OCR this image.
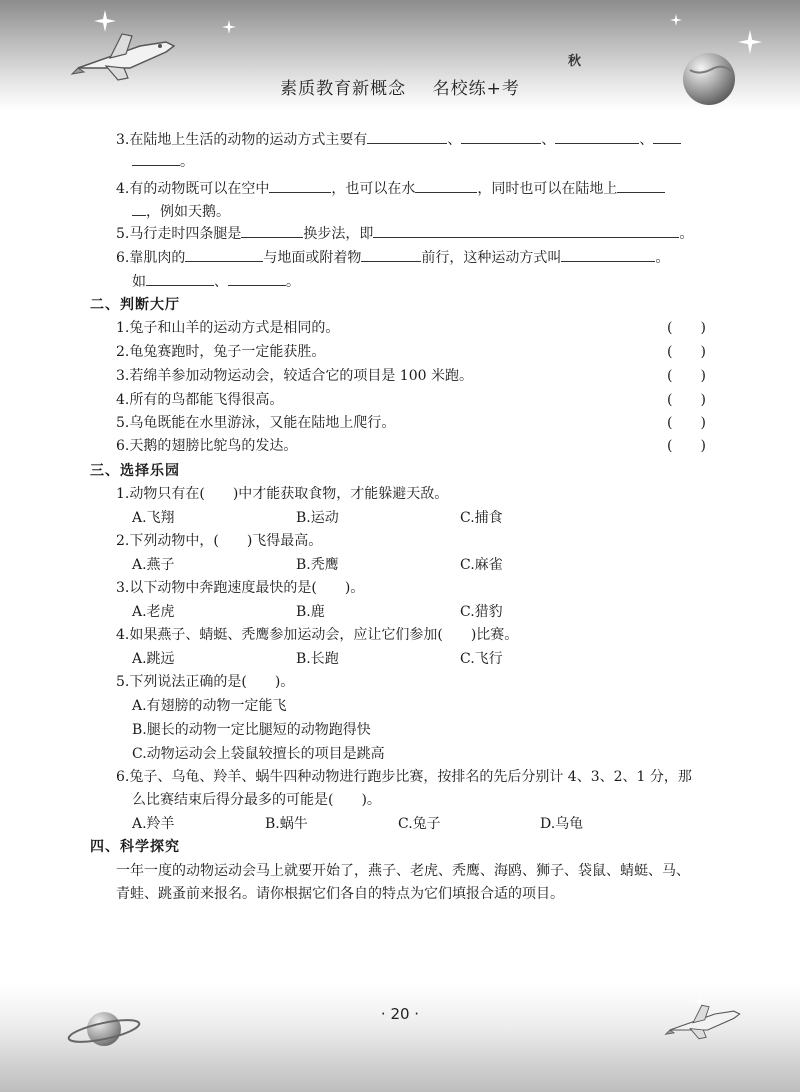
秋
素质教育新概念 名校练+考
3.在陆地上生活的动物的运动方式主要有	、	、	、
。
4.有的动物既可以在空中	，也可以在水	，同时也可以在陆地上
，例如天鹅。
5.马行走时四条腿是	换步法，即	。
6.靠肌肉的	与地面或附着物	前行，这种运动方式叫	。
如	、	。
二、判断大厅
1.兔子和山羊的运动方式是相同的。	(　　)
2.龟兔赛跑时，兔子一定能获胜。	(　　)
3.若绵羊参加动物运动会，较适合它的项目是 100 米跑。	(　　)
4.所有的鸟都能飞得很高。	(　　)
5.乌龟既能在水里游泳，又能在陆地上爬行。	(　　)
6.天鹅的翅膀比鸵鸟的发达。	(　　)
三、选择乐园
1.动物只有在(　　)中才能获取食物，才能躲避天敌。
A.飞翔	B.运动	C.捕食
2.下列动物中，(　　)飞得最高。
A.燕子	B.秃鹰	C.麻雀
3.以下动物中奔跑速度最快的是(　　)。
A.老虎	B.鹿	C.猎豹
4.如果燕子、蜻蜓、秃鹰参加运动会，应让它们参加(　　)比赛。
A.跳远	B.长跑	C.飞行
5.下列说法正确的是(　　)。
A.有翅膀的动物一定能飞
B.腿长的动物一定比腿短的动物跑得快
C.动物运动会上袋鼠较擅长的项目是跳高
6.兔子、乌龟、羚羊、蜗牛四种动物进行跑步比赛，按排名的先后分别计 4、3、2、1 分，那
么比赛结束后得分最多的可能是(　　)。
A.羚羊	B.蜗牛	C.兔子	D.乌龟
四、科学探究
一年一度的动物运动会马上就要开始了，燕子、老虎、秃鹰、海鸥、狮子、袋鼠、蜻蜓、马、
青蛙、跳蚤前来报名。请你根据它们各自的特点为它们填报合适的项目。
· 20 ·
